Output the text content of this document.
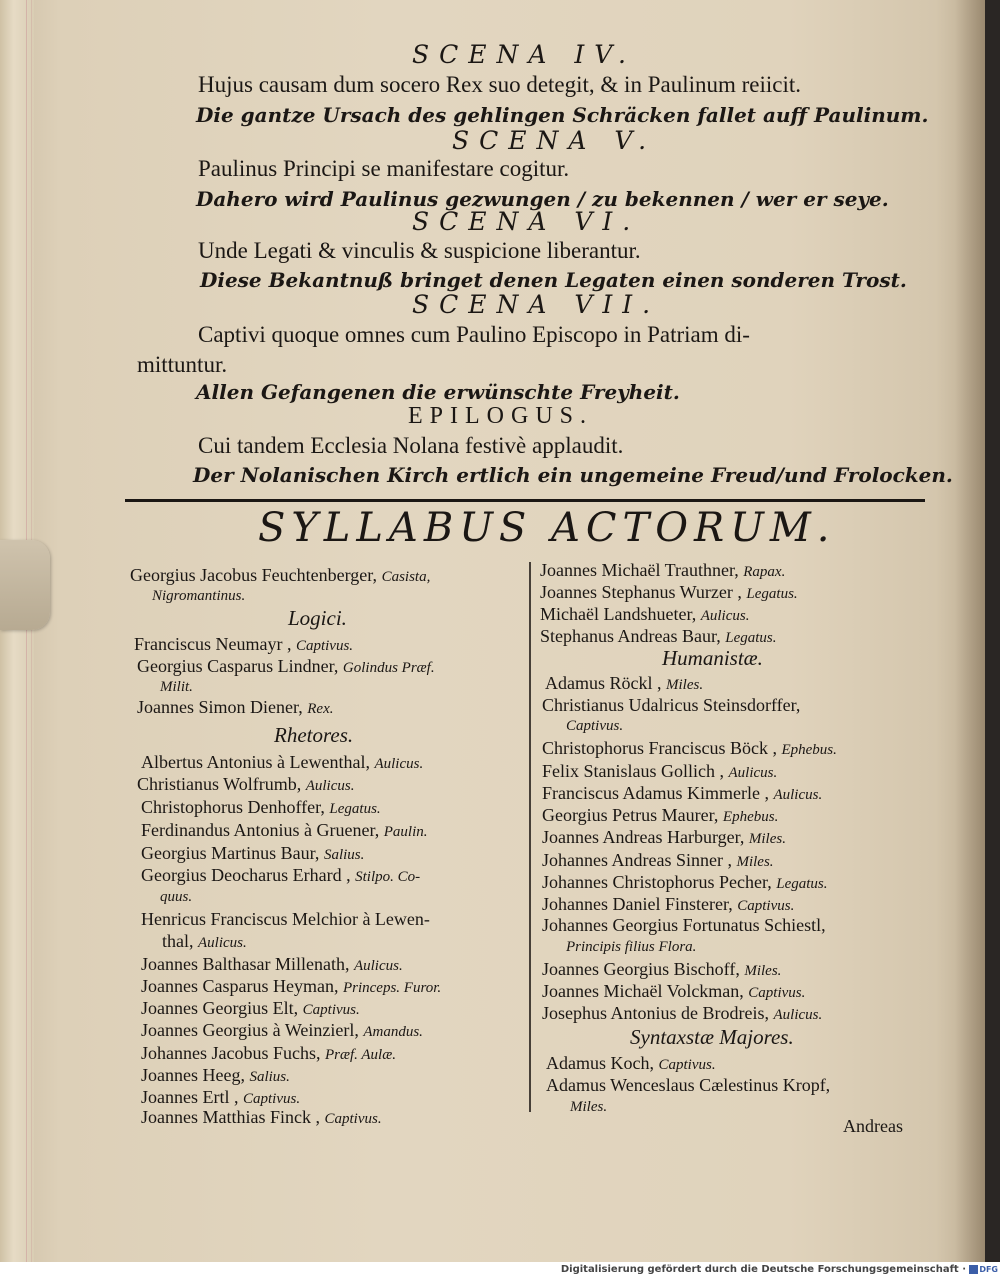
SCENA IV.
Hujus causam dum socero Rex suo detegit, & in Paulinum reiicit.
Die gantze Ursach des gehlingen Schräcken fallet auff Paulinum.
SCENA V.
Paulinus Principi se manifestare cogitur.
Dahero wird Paulinus gezwungen / zu bekennen / wer er seye.
SCENA VI.
Unde Legati & vinculis & suspicione liberantur.
Diese Bekantnuß bringet denen Legaten einen sonderen Trost.
SCENA VII.
Captivi quoque omnes cum Paulino Episcopo in Patriam di-
mittuntur.
Allen Gefangenen die erwünschte Freyheit.
EPILOGUS.
Cui tandem Ecclesia Nolana festivè applaudit.
Der Nolanischen Kirch ertlich ein ungemeine Freud/und Frolocken.
SYLLABUS ACTORUM.
Georgius Jacobus Feuchtenberger, Casista,
Nigromantinus.
Logici.
Franciscus Neumayr , Captivus.
Georgius Casparus Lindner, Golindus Præf.
Milit.
Joannes Simon Diener, Rex.
Rhetores.
Albertus Antonius à Lewenthal, Aulicus.
Christianus Wolfrumb, Aulicus.
Christophorus Denhoffer, Legatus.
Ferdinandus Antonius à Gruener, Paulin.
Georgius Martinus Baur, Salius.
Georgius Deocharus Erhard , Stilpo. Co-
quus.
Henricus Franciscus Melchior à Lewen-
thal, Aulicus.
Joannes Balthasar Millenath, Aulicus.
Joannes Casparus Heyman, Princeps. Furor.
Joannes Georgius Elt, Captivus.
Joannes Georgius à Weinzierl, Amandus.
Johannes Jacobus Fuchs, Præf. Aulæ.
Joannes Heeg, Salius.
Joannes Ertl , Captivus.
Joannes Matthias Finck , Captivus.
Joannes Michaël Trauthner, Rapax.
Joannes Stephanus Wurzer , Legatus.
Michaël Landshueter, Aulicus.
Stephanus Andreas Baur, Legatus.
Humanistæ.
Adamus Röckl , Miles.
Christianus Udalricus Steinsdorffer,
Captivus.
Christophorus Franciscus Böck , Ephebus.
Felix Stanislaus Gollich , Aulicus.
Franciscus Adamus Kimmerle , Aulicus.
Georgius Petrus Maurer, Ephebus.
Joannes Andreas Harburger, Miles.
Johannes Andreas Sinner , Miles.
Johannes Christophorus Pecher, Legatus.
Johannes Daniel Finsterer, Captivus.
Johannes Georgius Fortunatus Schiestl,
Principis filius Flora.
Joannes Georgius Bischoff, Miles.
Joannes Michaël Volckman, Captivus.
Josephus Antonius de Brodreis, Aulicus.
Syntaxstæ Majores.
Adamus Koch, Captivus.
Adamus Wenceslaus Cælestinus Kropf,
Miles.
Andreas
Digitalisierung gefördert durch die Deutsche Forschungsgemeinschaft · DFG
